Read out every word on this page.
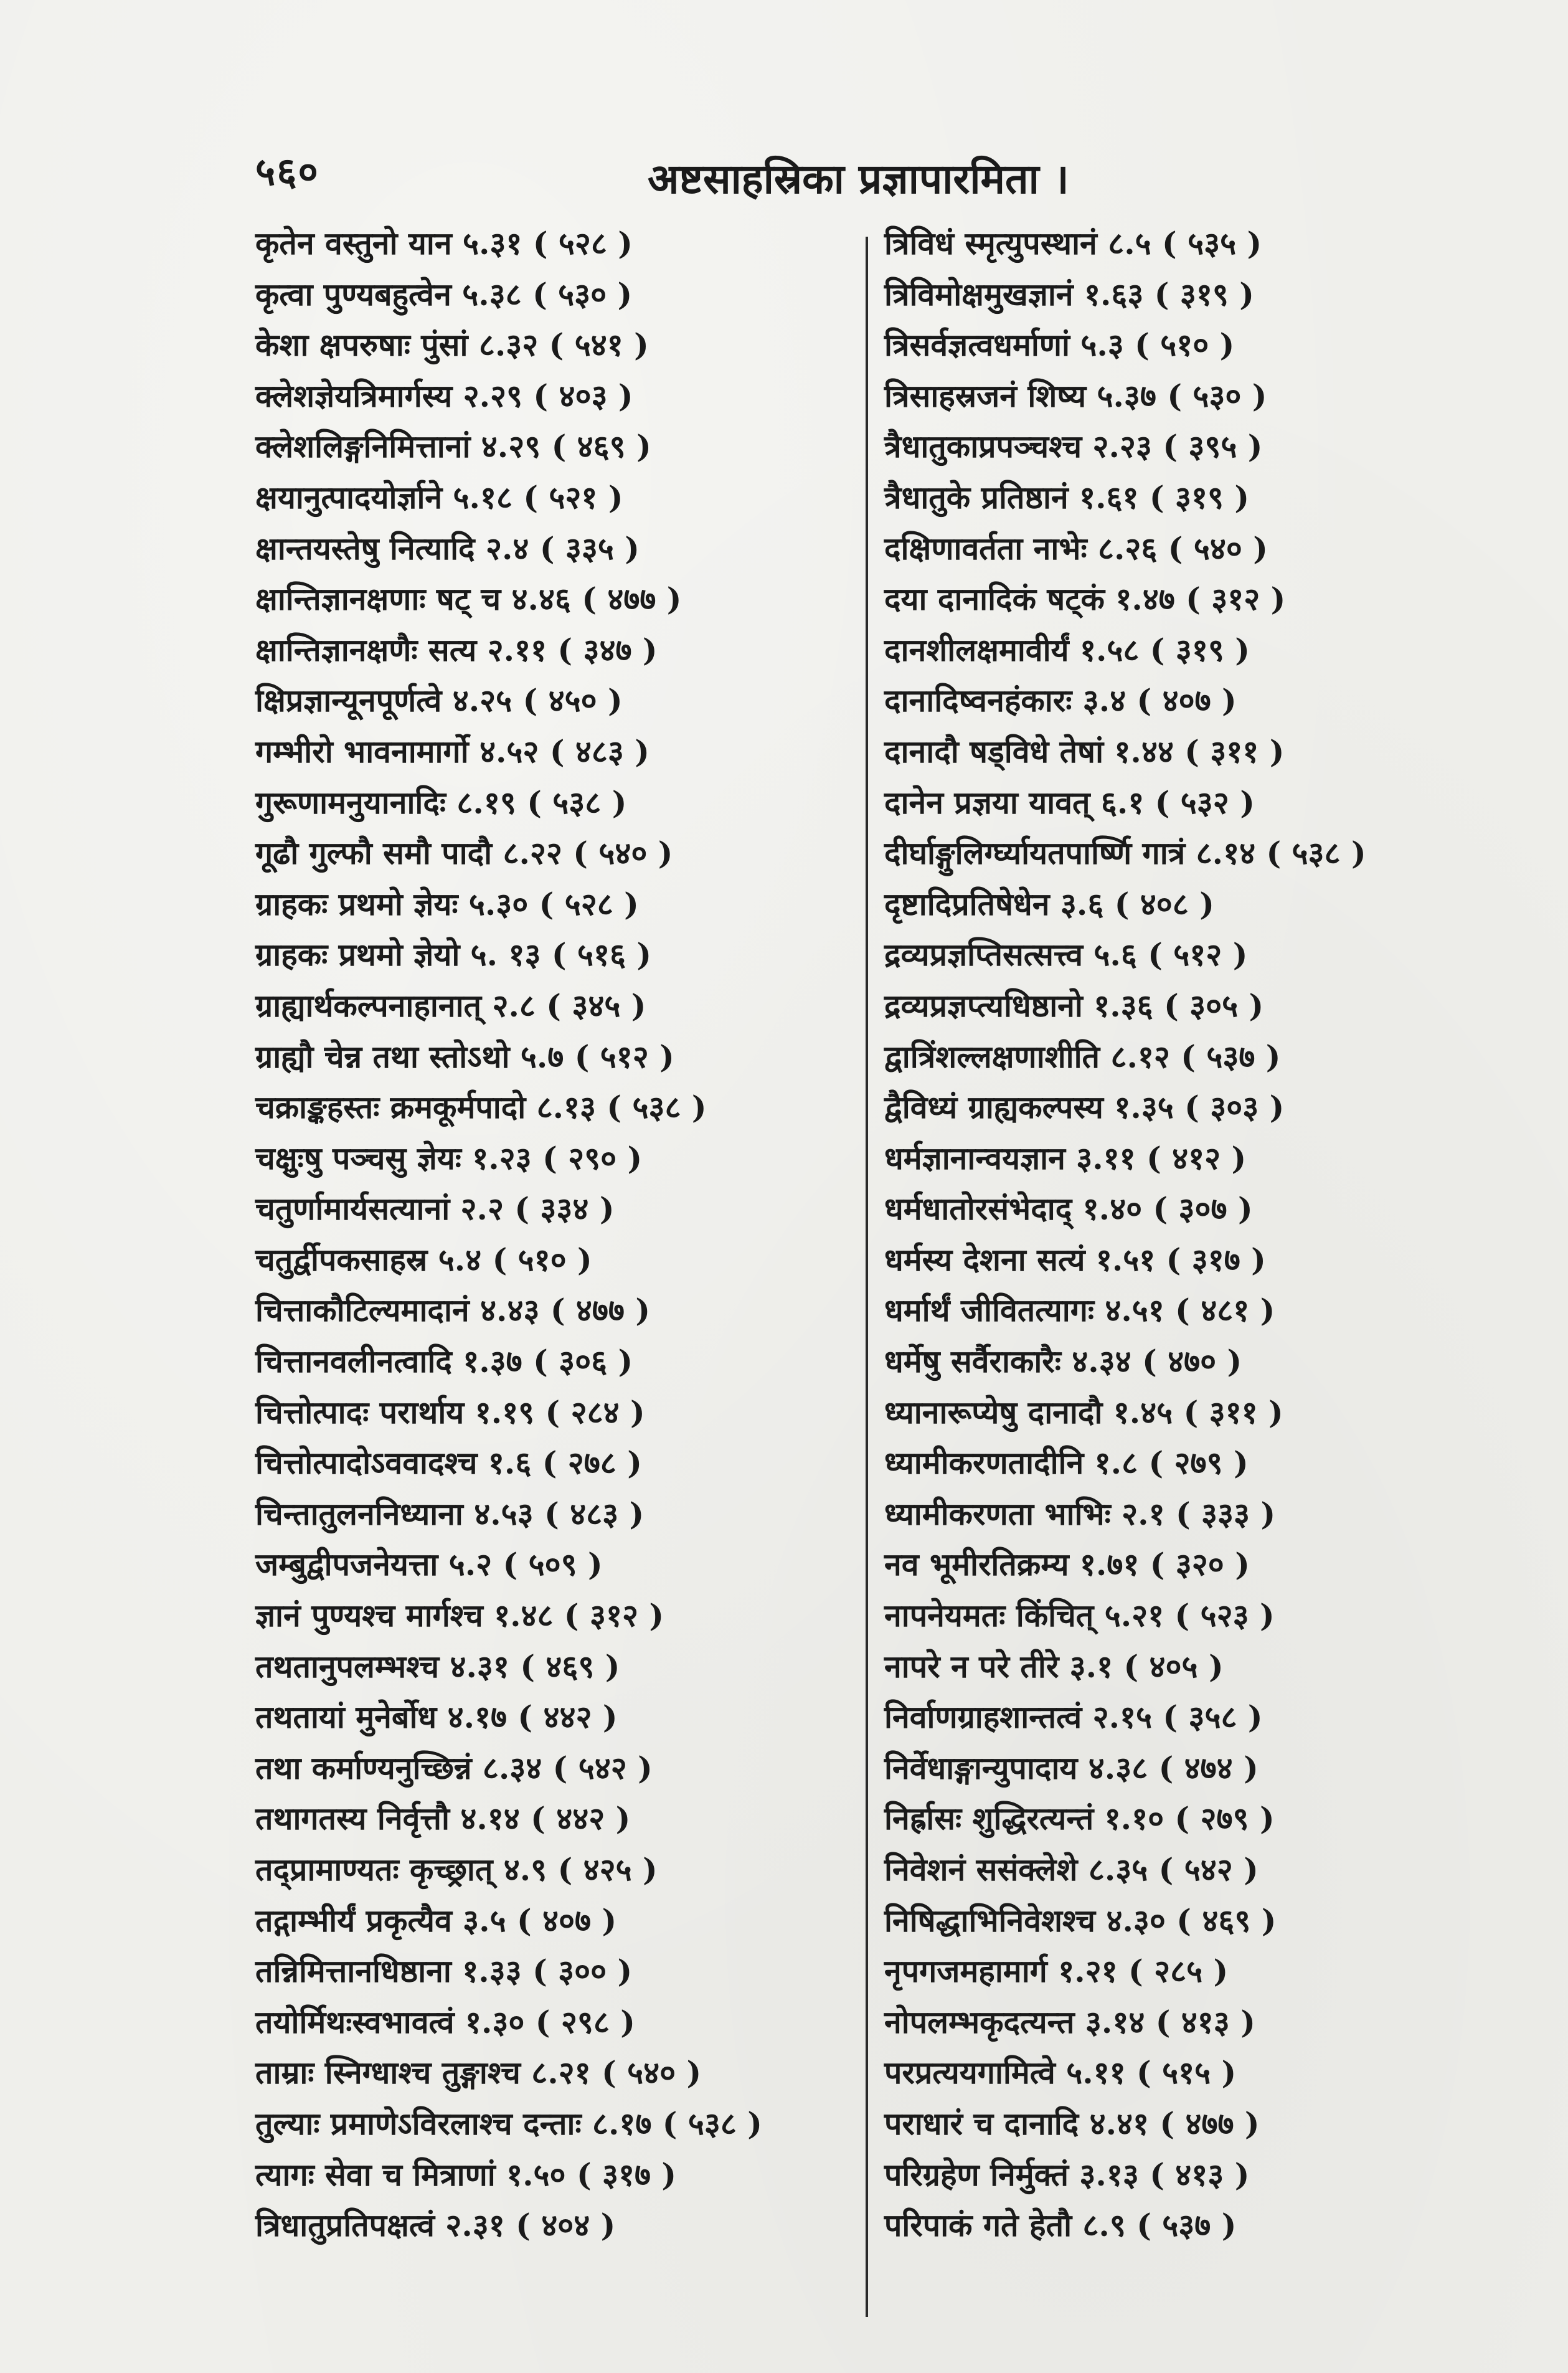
५६०	अष्टसाहस्रिका प्रज्ञापारमिता ।
कृतेन वस्तुनो यान ५.३१ ( ५२८ )
कृत्वा पुण्यबहुत्वेन ५.३८ ( ५३० )
केशा क्षपरुषाः पुंसां ८.३२ ( ५४१ )
क्लेशज्ञेयत्रिमार्गस्य २.२९ ( ४०३ )
क्लेशलिङ्गनिमित्तानां ४.२९ ( ४६९ )
क्षयानुत्पादयोर्ज्ञाने ५.१८ ( ५२१ )
क्षान्तयस्तेषु नित्यादि २.४ ( ३३५ )
क्षान्तिज्ञानक्षणाः षट् च ४.४६ ( ४७७ )
क्षान्तिज्ञानक्षणैः सत्य २.११ ( ३४७ )
क्षिप्रज्ञान्यूनपूर्णत्वे ४.२५ ( ४५० )
गम्भीरो भावनामार्गो ४.५२ ( ४८३ )
गुरूणामनुयानादिः ८.१९ ( ५३८ )
गूढौ गुल्फौ समौ पादौ ८.२२ ( ५४० )
ग्राहकः प्रथमो ज्ञेयः ५.३० ( ५२८ )
ग्राहकः प्रथमो ज्ञेयो ५. १३ ( ५१६ )
ग्राह्यार्थकल्पनाहानात् २.८ ( ३४५ )
ग्राह्यौ चेन्न तथा स्तोऽथो ५.७ ( ५१२ )
चक्राङ्कहस्तः क्रमकूर्मपादो ८.१३ ( ५३८ )
चक्षुःषु पञ्चसु ज्ञेयः १.२३ ( २९० )
चतुर्णामार्यसत्यानां २.२ ( ३३४ )
चतुर्द्वीपकसाहस्र ५.४ ( ५१० )
चित्ताकौटिल्यमादानं ४.४३ ( ४७७ )
चित्तानवलीनत्वादि १.३७ ( ३०६ )
चित्तोत्पादः परार्थाय १.१९ ( २८४ )
चित्तोत्पादोऽववादश्च १.६ ( २७८ )
चिन्तातुलननिध्याना ४.५३ ( ४८३ )
जम्बुद्वीपजनेयत्ता ५.२ ( ५०९ )
ज्ञानं पुण्यश्च मार्गश्च १.४८ ( ३१२ )
तथतानुपलम्भश्च ४.३१ ( ४६९ )
तथतायां मुनेर्बोध ४.१७ ( ४४२ )
तथा कर्माण्यनुच्छिन्नं ८.३४ ( ५४२ )
तथागतस्य निर्वृत्तौ ४.१४ ( ४४२ )
तद्प्रामाण्यतः कृच्छ्रात् ४.९ ( ४२५ )
तद्गाम्भीर्यं प्रकृत्यैव ३.५ ( ४०७ )
तन्निमित्तानधिष्ठाना १.३३ ( ३०० )
तयोर्मिथःस्वभावत्वं १.३० ( २९८ )
ताम्राः स्निग्धाश्च तुङ्गाश्च ८.२१ ( ५४० )
तुल्याः प्रमाणेऽविरलाश्च दन्ताः ८.१७ ( ५३८ )
त्यागः सेवा च मित्राणां १.५० ( ३१७ )
त्रिधातुप्रतिपक्षत्वं २.३१ ( ४०४ )
त्रिविधं स्मृत्युपस्थानं ८.५ ( ५३५ )
त्रिविमोक्षमुखज्ञानं १.६३ ( ३१९ )
त्रिसर्वज्ञत्वधर्माणां ५.३ ( ५१० )
त्रिसाहस्रजनं शिष्य ५.३७ ( ५३० )
त्रैधातुकाप्रपञ्चश्च २.२३ ( ३९५ )
त्रैधातुके प्रतिष्ठानं १.६१ ( ३१९ )
दक्षिणावर्तता नाभेः ८.२६ ( ५४० )
दया दानादिकं षट्कं १.४७ ( ३१२ )
दानशीलक्षमावीर्यं १.५८ ( ३१९ )
दानादिष्वनहंकारः ३.४ ( ४०७ )
दानादौ षड्विधे तेषां १.४४ ( ३११ )
दानेन प्रज्ञया यावत् ६.१ ( ५३२ )
दीर्घाङ्गुलिर्ग्घ्यायतपार्ष्णि गात्रं ८.१४ ( ५३८ )
दृष्टादिप्रतिषेधेन ३.६ ( ४०८ )
द्रव्यप्रज्ञप्तिसत्सत्त्व ५.६ ( ५१२ )
द्रव्यप्रज्ञप्त्यधिष्ठानो १.३६ ( ३०५ )
द्वात्रिंशल्लक्षणाशीति ८.१२ ( ५३७ )
द्वैविध्यं ग्राह्यकल्पस्य १.३५ ( ३०३ )
धर्मज्ञानान्वयज्ञान ३.११ ( ४१२ )
धर्मधातोरसंभेदाद् १.४० ( ३०७ )
धर्मस्य देशना सत्यं १.५१ ( ३१७ )
धर्मार्थं जीवितत्यागः ४.५१ ( ४८१ )
धर्मेषु सर्वैराकारैः ४.३४ ( ४७० )
ध्यानारूप्येषु दानादौ १.४५ ( ३११ )
ध्यामीकरणतादीनि १.८ ( २७९ )
ध्यामीकरणता भाभिः २.१ ( ३३३ )
नव भूमीरतिक्रम्य १.७१ ( ३२० )
नापनेयमतः किंचित् ५.२१ ( ५२३ )
नापरे न परे तीरे ३.१ ( ४०५ )
निर्वाणग्राहशान्तत्वं २.१५ ( ३५८ )
निर्वेधाङ्गान्युपादाय ४.३८ ( ४७४ )
निर्ह्रासः शुद्धिरत्यन्तं १.१० ( २७९ )
निवेशनं ससंक्लेशे ८.३५ ( ५४२ )
निषिद्धाभिनिवेशश्च ४.३० ( ४६९ )
नृपगजमहामार्ग १.२१ ( २८५ )
नोपलम्भकृदत्यन्त ३.१४ ( ४१३ )
परप्रत्ययगामित्वे ५.११ ( ५१५ )
पराधारं च दानादि ४.४१ ( ४७७ )
परिग्रहेण निर्मुक्तं ३.१३ ( ४१३ )
परिपाकं गते हेतौ ८.९ ( ५३७ )
